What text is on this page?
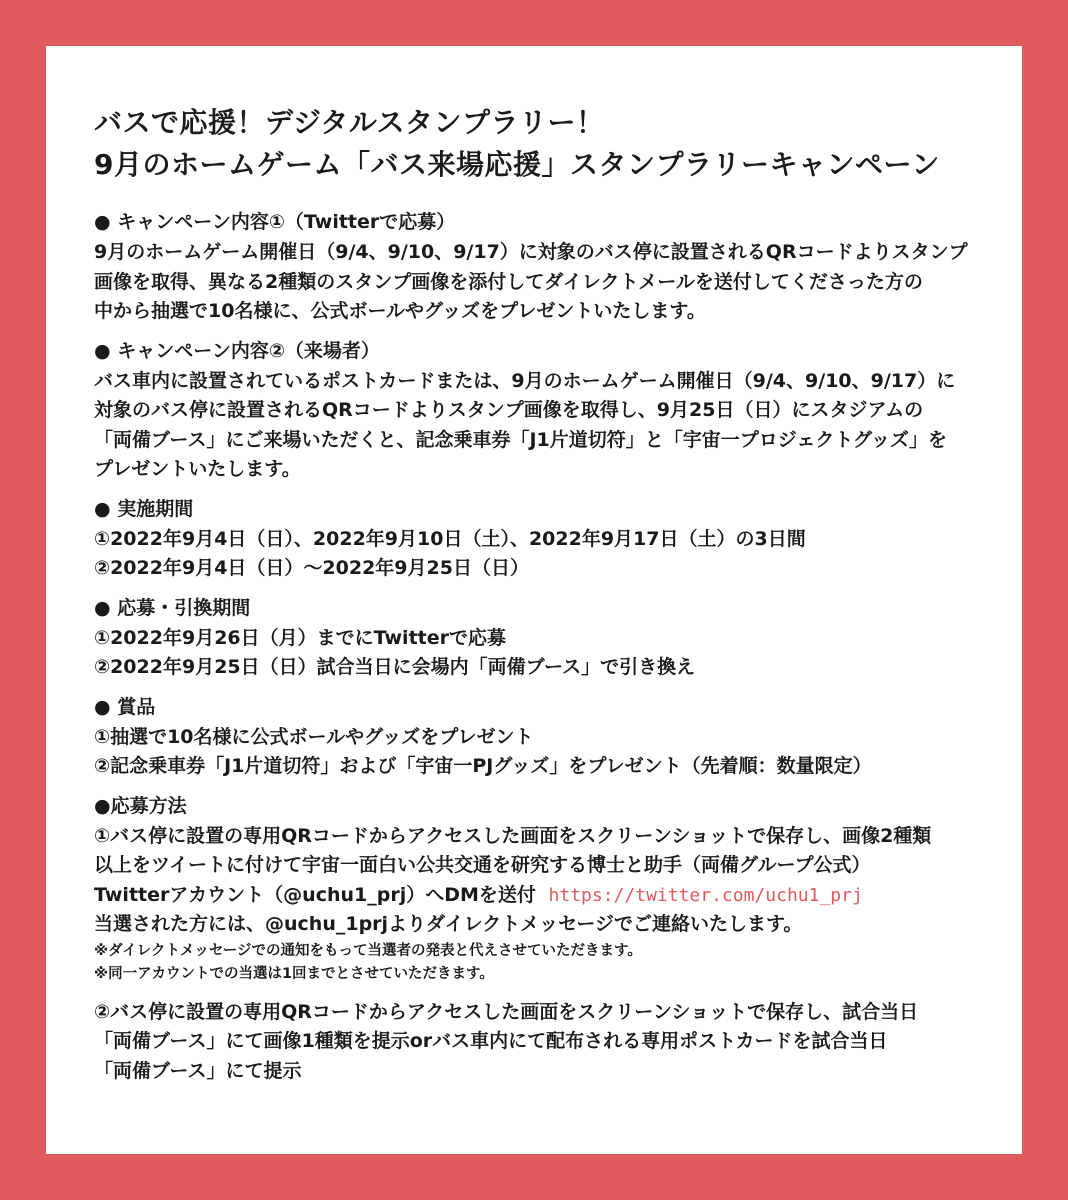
バスで応援！デジタルスタンプラリー！
9月のホームゲーム「バス来場応援」スタンプラリーキャンペーン
● キャンペーン内容①（Twitterで応募）
9月のホームゲーム開催日（9/4、9/10、9/17）に対象のバス停に設置されるQRコードよりスタンプ
画像を取得、異なる2種類のスタンプ画像を添付してダイレクトメールを送付してくださった方の
中から抽選で10名様に、公式ボールやグッズをプレゼントいたします。
● キャンペーン内容②（来場者）
バス車内に設置されているポストカードまたは、9月のホームゲーム開催日（9/4、9/10、9/17）に
対象のバス停に設置されるQRコードよりスタンプ画像を取得し、9月25日（日）にスタジアムの
「両備ブース」にご来場いただくと、記念乗車券「J1片道切符」と「宇宙一プロジェクトグッズ」を
プレゼントいたします。
● 実施期間
①2022年9月4日（日）、2022年9月10日（土）、2022年9月17日（土）の3日間
②2022年9月4日（日）〜2022年9月25日（日）
● 応募・引換期間
①2022年9月26日（月）までにTwitterで応募
②2022年9月25日（日）試合当日に会場内「両備ブース」で引き換え
● 賞品
①抽選で10名様に公式ボールやグッズをプレゼント
②記念乗車券「J1片道切符」および「宇宙一PJグッズ」をプレゼント（先着順：数量限定）
●応募方法
①バス停に設置の専用QRコードからアクセスした画面をスクリーンショットで保存し、画像2種類
以上をツイートに付けて宇宙一面白い公共交通を研究する博士と助手（両備グループ公式）
Twitterアカウント（@uchu1_prj）へDMを送付 https://twitter.com/uchu1_prj
当選された方には、@uchu_1prjよりダイレクトメッセージでご連絡いたします。
※ダイレクトメッセージでの通知をもって当選者の発表と代えさせていただきます。
※同一アカウントでの当選は1回までとさせていただきます。
②バス停に設置の専用QRコードからアクセスした画面をスクリーンショットで保存し、試合当日
「両備ブース」にて画像1種類を提示orバス車内にて配布される専用ポストカードを試合当日
「両備ブース」にて提示
